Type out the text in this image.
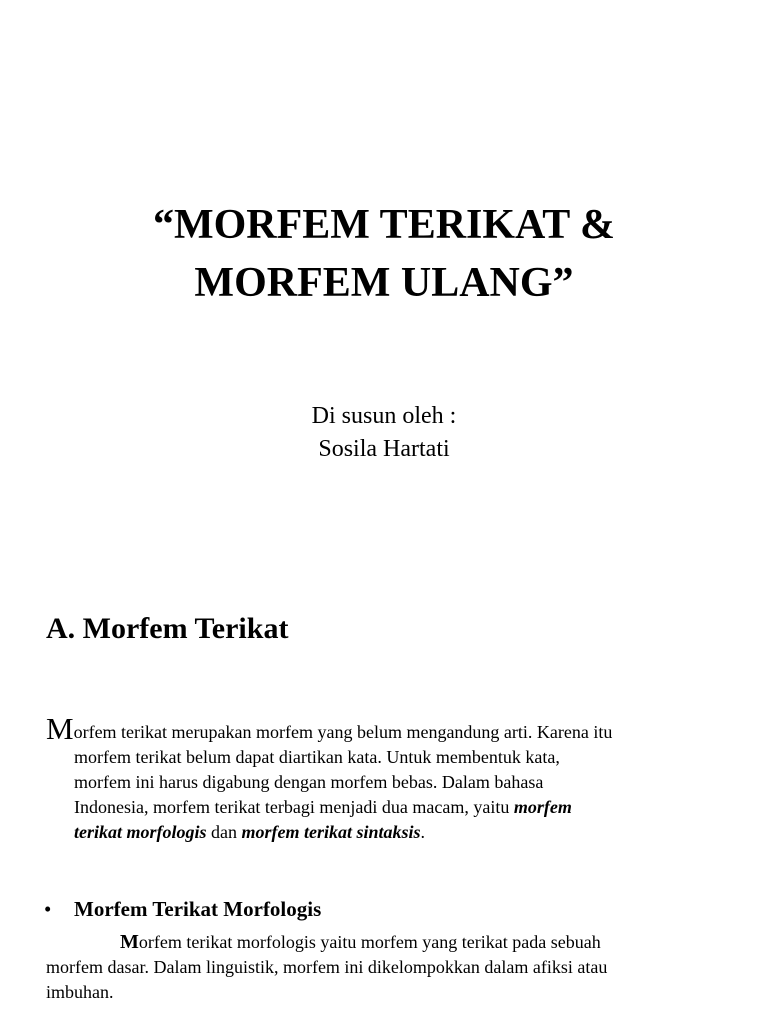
“MORFEM TERIKAT &
MORFEM ULANG”
Di susun oleh :
Sosila Hartati
A. Morfem Terikat

Morfem terikat merupakan morfem yang belum mengandung arti. Karena itu
morfem terikat belum dapat diartikan kata. Untuk membentuk kata,
morfem ini harus digabung dengan morfem bebas. Dalam bahasa
Indonesia, morfem terikat terbagi menjadi dua macam, yaitu morfem
terikat morfologis dan morfem terikat sintaksis.

• Morfem Terikat Morfologis

Morfem terikat morfologis yaitu morfem yang terikat pada sebuah
morfem dasar. Dalam linguistik, morfem ini dikelompokkan dalam afiksi atau
imbuhan.
